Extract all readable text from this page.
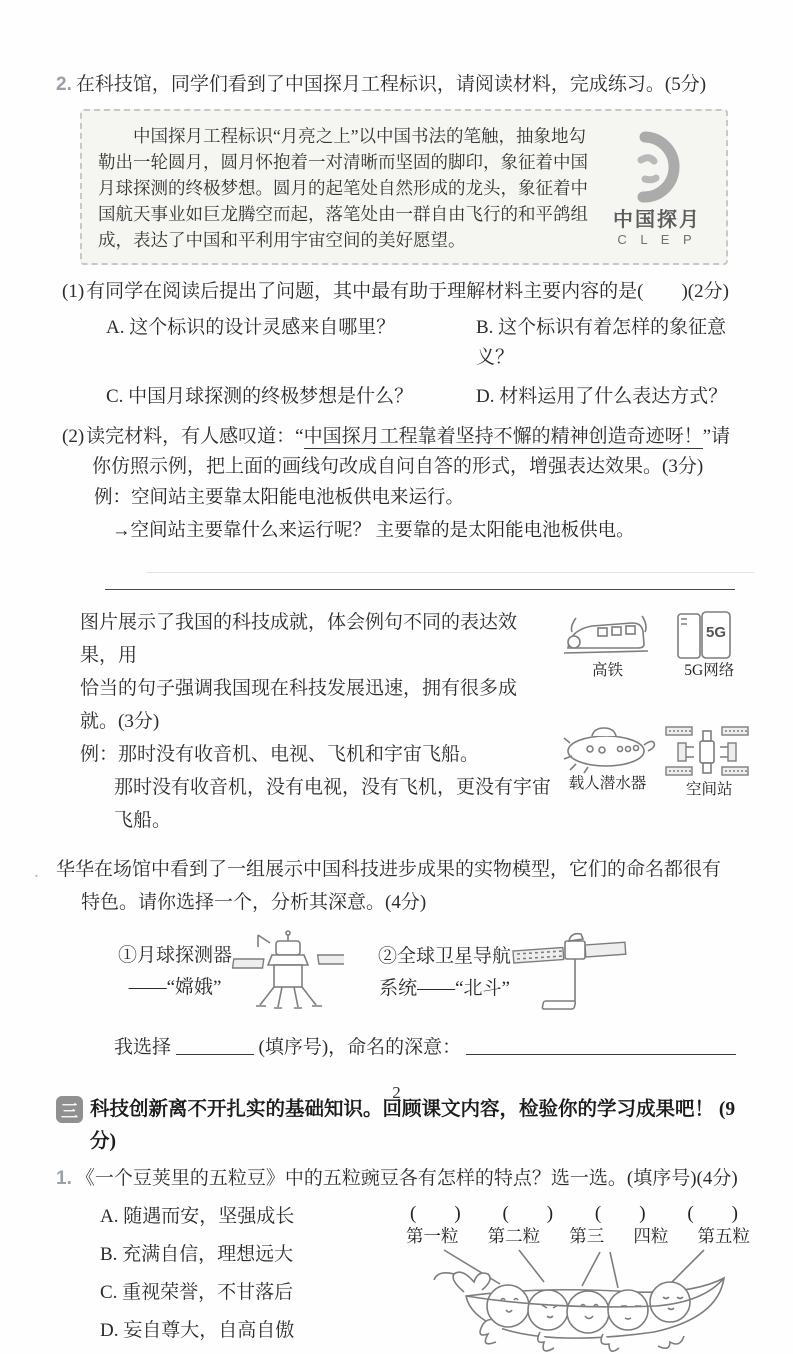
2. 在科技馆，同学们看到了中国探月工程标识，请阅读材料，完成练习。(5分)
中国探月工程标识“月亮之上”以中国书法的笔触，抽象地勾勒出一轮圆月，圆月怀抱着一对清晰而坚固的脚印，象征着中国月球探测的终极梦想。圆月的起笔处自然形成的龙头，象征着中国航天事业如巨龙腾空而起，落笔处由一群自由飞行的和平鸽组成，表达了中国和平利用宇宙空间的美好愿望。
中国探月
C L E P
(1) 有同学在阅读后提出了问题，其中最有助于理解材料主要内容的是(　　)(2分)
A. 这个标识的设计灵感来自哪里？	B. 这个标识有着怎样的象征意义？
C. 中国月球探测的终极梦想是什么？	D. 材料运用了什么表达方式？
(2) 读完材料，有人感叹道：“中国探月工程靠着坚持不懈的精神创造奇迹呀！”请
你仿照示例，把上面的画线句改成自问自答的形式，增强表达效果。(3分)
例：空间站主要靠太阳能电池板供电来运行。
→空间站主要靠什么来运行呢？ 主要靠的是太阳能电池板供电。
图片展示了我国的科技成就，体会例句不同的表达效果，用
恰当的句子强调我国现在科技发展迅速，拥有很多成就。(3分)
例：那时没有收音机、电视、飞机和宇宙飞船。
那时没有收音机，没有电视，没有飞机，更没有宇宙飞船。
高铁
5G
5G网络
载人潜水器	空间站
. 华华在场馆中看到了一组展示中国科技进步成果的实物模型，它们的命名都很有
特色。请你选择一个，分析其深意。(4分)
①月球探测器
——“嫦娥”
②全球卫星导航
系统——“北斗”
我选择	(填序号)，命名的深意：
三 科技创新离不开扎实的基础知识。回顾课文内容，检验你的学习成果吧！ (9分)
1. 《一个豆荚里的五粒豆》中的五粒豌豆各有怎样的特点？选一选。(填序号)(4分)
A. 随遇而安，坚强成长
B. 充满自信，理想远大
C. 重视荣誉，不甘落后
D. 妄自尊大，自高自傲
(　　) (　　) (　　) (　　)
第一粒 第二粒 第三 四粒 第五粒
2
